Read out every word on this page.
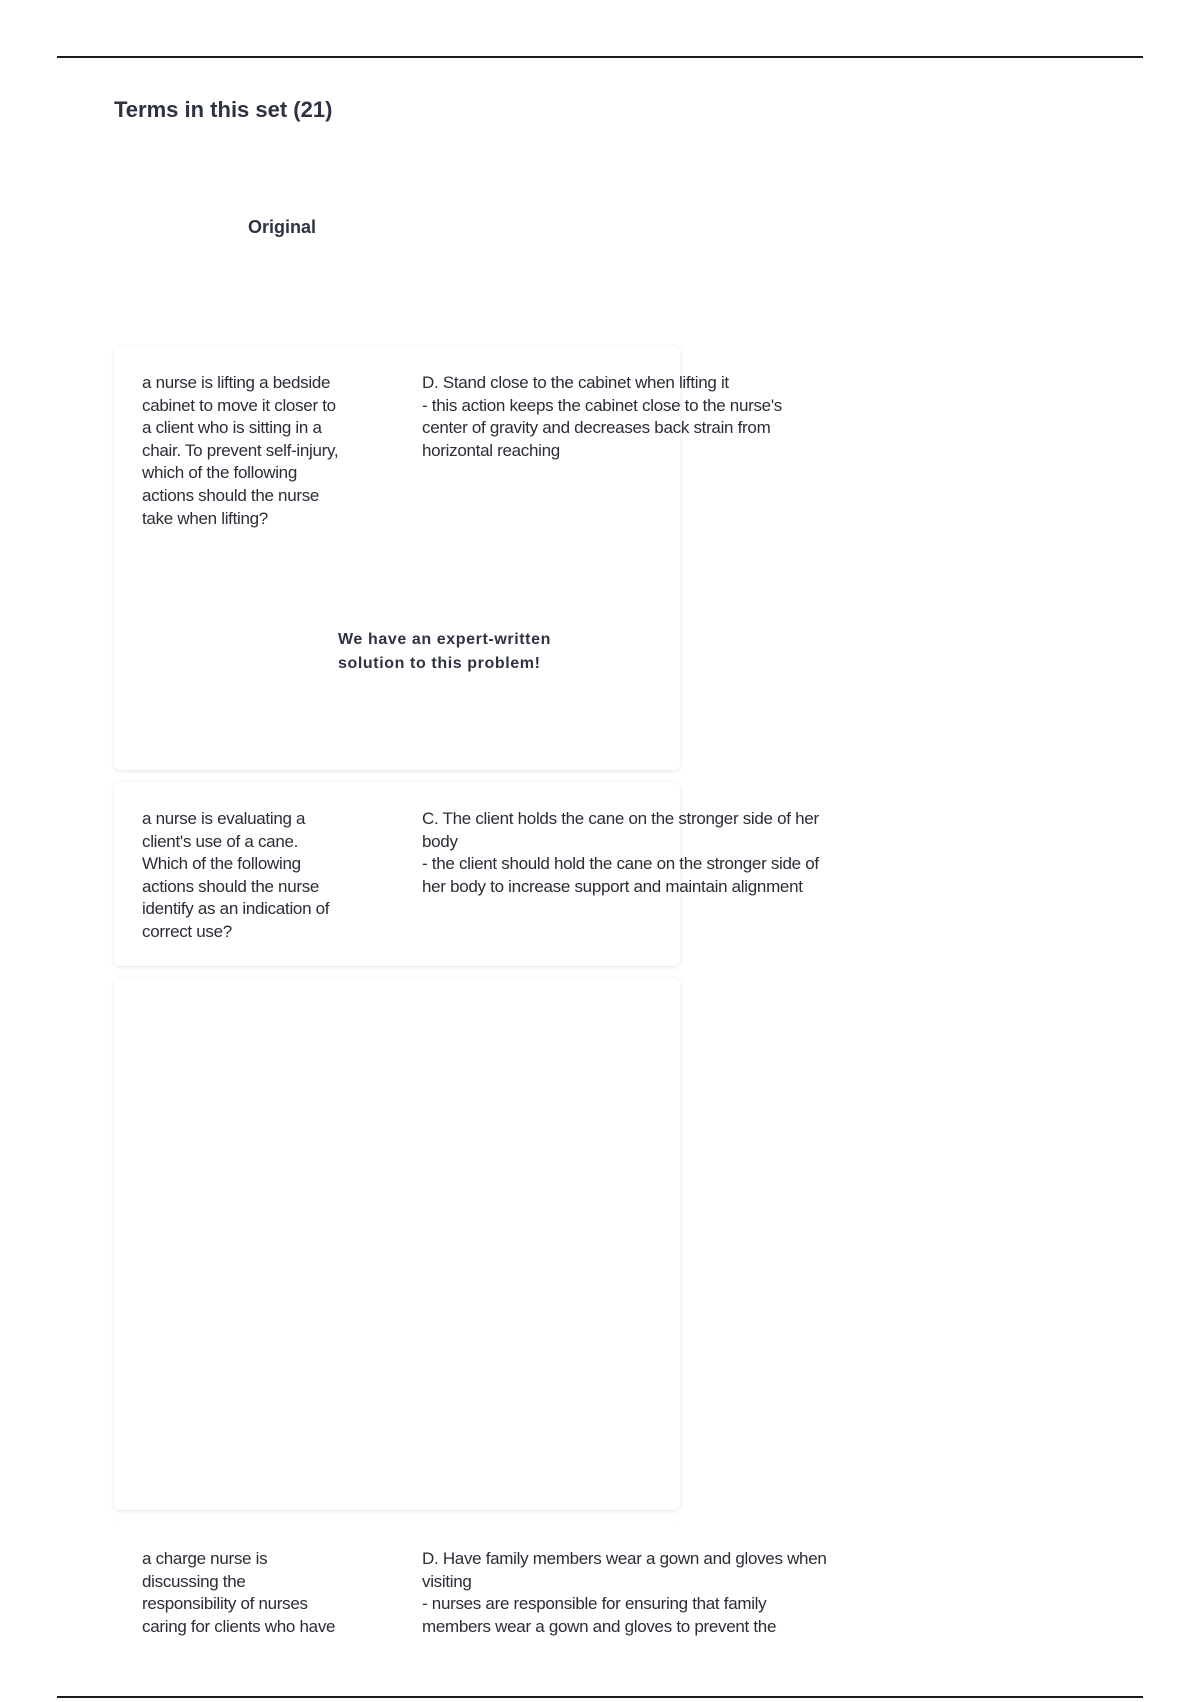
Terms in this set (21)
Original
a nurse is lifting a bedside
cabinet to move it closer to
a client who is sitting in a
chair. To prevent self-injury,
which of the following
actions should the nurse
take when lifting?
D. Stand close to the cabinet when lifting it
- this action keeps the cabinet close to the nurse's
center of gravity and decreases back strain from
horizontal reaching
We have an expert-written
solution to this problem!
a nurse is evaluating a
client's use of a cane.
Which of the following
actions should the nurse
identify as an indication of
correct use?
C. The client holds the cane on the stronger side of her
body
- the client should hold the cane on the stronger side of
her body to increase support and maintain alignment
a charge nurse is
discussing the
responsibility of nurses
caring for clients who have
D. Have family members wear a gown and gloves when
visiting
- nurses are responsible for ensuring that family
members wear a gown and gloves to prevent the
